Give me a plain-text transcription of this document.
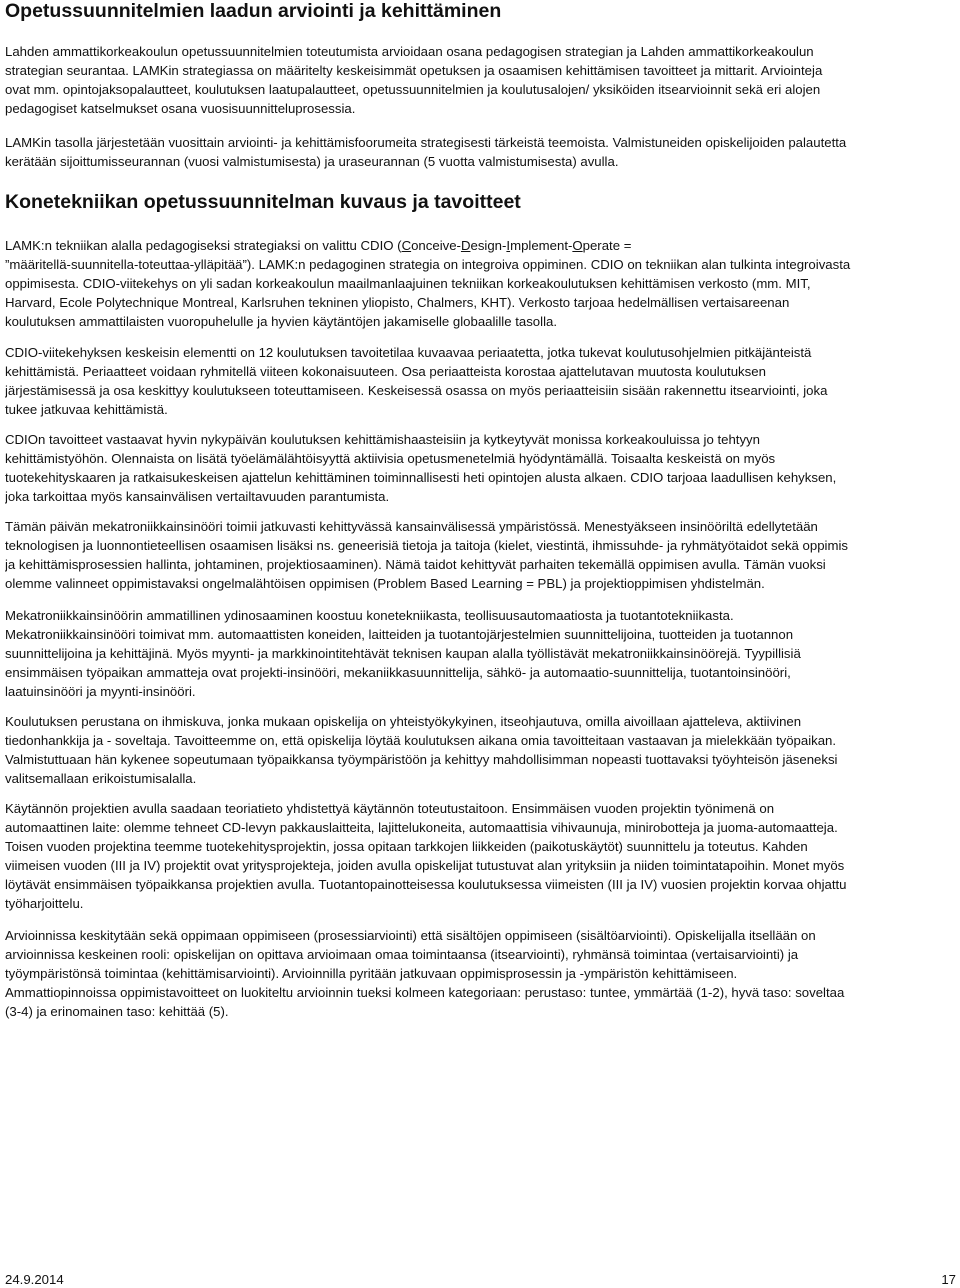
Opetussuunnitelmien laadun arviointi ja kehittäminen
Lahden ammattikorkeakoulun opetussuunnitelmien toteutumista arvioidaan osana pedagogisen strategian ja Lahden ammattikorkeakoulun
strategian seurantaa. LAMKin strategiassa on määritelty keskeisimmät opetuksen ja osaamisen kehittämisen tavoitteet ja mittarit. Arviointeja
ovat mm. opintojaksopalautteet, koulutuksen laatupalautteet, opetussuunnitelmien ja koulutusalojen/ yksiköiden itsearvioinnit sekä eri alojen
pedagogiset katselmukset osana vuosisuunnitteluprosessia.
LAMKin tasolla järjestetään vuosittain arviointi- ja kehittämisfoorumeita strategisesti tärkeistä teemoista. Valmistuneiden opiskelijoiden palautetta
kerätään sijoittumisseurannan (vuosi valmistumisesta) ja uraseurannan (5 vuotta valmistumisesta) avulla.
Konetekniikan opetussuunnitelman kuvaus ja tavoitteet
LAMK:n tekniikan alalla pedagogiseksi strategiaksi on valittu CDIO (Conceive-Design-Implement-Operate =
”määritellä-suunnitella-toteuttaa-ylläpitää”). LAMK:n pedagoginen strategia on integroiva oppiminen. CDIO on tekniikan alan tulkinta integroivasta
oppimisesta. CDIO-viitekehys on yli sadan korkeakoulun maailmanlaajuinen tekniikan korkeakoulutuksen kehittämisen verkosto (mm. MIT,
Harvard, Ecole Polytechnique Montreal, Karlsruhen tekninen yliopisto, Chalmers, KHT). Verkosto tarjoaa hedelmällisen vertaisareenan
koulutuksen ammattilaisten vuoropuhelulle ja hyvien käytäntöjen jakamiselle globaalille tasolla.
CDIO-viitekehyksen keskeisin elementti on 12 koulutuksen tavoitetilaa kuvaavaa periaatetta, jotka tukevat koulutusohjelmien pitkäjänteistä
kehittämistä. Periaatteet voidaan ryhmitellä viiteen kokonaisuuteen. Osa periaatteista korostaa ajattelutavan muutosta koulutuksen
järjestämisessä ja osa keskittyy koulutukseen toteuttamiseen. Keskeisessä osassa on myös periaatteisiin sisään rakennettu itsearviointi, joka
tukee jatkuvaa kehittämistä.
CDIOn tavoitteet vastaavat hyvin nykypäivän koulutuksen kehittämishaasteisiin ja kytkeytyvät monissa korkeakouluissa jo tehtyyn
kehittämistyöhön. Olennaista on lisätä työelämälähtöisyyttä aktiivisia opetusmenetelmiä hyödyntämällä. Toisaalta keskeistä on myös
tuotekehityskaaren ja ratkaisukeskeisen ajattelun kehittäminen toiminnallisesti heti opintojen alusta alkaen. CDIO tarjoaa laadullisen kehyksen,
joka tarkoittaa myös kansainvälisen vertailtavuuden parantumista.
Tämän päivän mekatroniikkainsinööri toimii jatkuvasti kehittyvässä kansainvälisessä ympäristössä. Menestyäkseen insinööriltä edellytetään
teknologisen ja luonnontieteellisen osaamisen lisäksi ns. geneerisiä tietoja ja taitoja (kielet, viestintä, ihmissuhde- ja ryhmätyötaidot sekä oppimis
ja kehittämisprosessien hallinta, johtaminen, projektiosaaminen). Nämä taidot kehittyvät parhaiten tekemällä oppimisen avulla. Tämän vuoksi
olemme valinneet oppimistavaksi ongelmalähtöisen oppimisen (Problem Based Learning = PBL) ja projektioppimisen yhdistelmän.
Mekatroniikkainsinöörin ammatillinen ydinosaaminen koostuu konetekniikasta, teollisuusautomaatiosta ja tuotantotekniikasta.
Mekatroniikkainsinööri toimivat mm. automaattisten koneiden, laitteiden ja tuotantojärjestelmien suunnittelijoina, tuotteiden ja tuotannon
suunnittelijoina ja kehittäjinä. Myös myynti- ja markkinointitehtävät teknisen kaupan alalla työllistävät mekatroniikkainsinöörejä. Tyypillisiä
ensimmäisen työpaikan ammatteja ovat projekti-insinööri, mekaniikkasuunnittelija, sähkö- ja automaatio-suunnittelija, tuotantoinsinööri,
laatuinsinööri ja myynti-insinööri.
Koulutuksen perustana on ihmiskuva, jonka mukaan opiskelija on yhteistyökykyinen, itseohjautuva, omilla aivoillaan ajatteleva, aktiivinen
tiedonhankkija ja - soveltaja. Tavoitteemme on, että opiskelija löytää koulutuksen aikana omia tavoitteitaan vastaavan ja mielekkään työpaikan.
Valmistuttuaan hän kykenee sopeutumaan työpaikkansa työympäristöön ja kehittyy mahdollisimman nopeasti tuottavaksi työyhteisön jäseneksi
valitsemallaan erikoistumisalalla.
Käytännön projektien avulla saadaan teoriatieto yhdistettyä käytännön toteutustaitoon. Ensimmäisen vuoden projektin työnimenä on
automaattinen laite: olemme tehneet CD-levyn pakkauslaitteita, lajittelukoneita, automaattisia vihivaunuja, minirobotteja ja juoma-automaatteja.
Toisen vuoden projektina teemme tuotekehitysprojektin, jossa opitaan tarkkojen liikkeiden (paikotuskäytöt) suunnittelu ja toteutus. Kahden
viimeisen vuoden (III ja IV) projektit ovat yritysprojekteja, joiden avulla opiskelijat tutustuvat alan yrityksiin ja niiden toimintatapoihin. Monet myös
löytävät ensimmäisen työpaikkansa projektien avulla. Tuotantopainotteisessa koulutuksessa viimeisten (III ja IV) vuosien projektin korvaa ohjattu
työharjoittelu.
Arvioinnissa keskitytään sekä oppimaan oppimiseen (prosessiarviointi) että sisältöjen oppimiseen (sisältöarviointi). Opiskelijalla itsellään on
arvioinnissa keskeinen rooli: opiskelijan on opittava arvioimaan omaa toimintaansa (itsearviointi), ryhmänsä toimintaa (vertaisarviointi) ja
työympäristönsä toimintaa (kehittämisarviointi). Arvioinnilla pyritään jatkuvaan oppimisprosessin ja -ympäristön kehittämiseen.
Ammattiopinnoissa oppimistavoitteet on luokiteltu arvioinnin tueksi kolmeen kategoriaan: perustaso: tuntee, ymmärtää (1-2), hyvä taso: soveltaa
(3-4) ja erinomainen taso: kehittää (5).
24.9.2014	17
